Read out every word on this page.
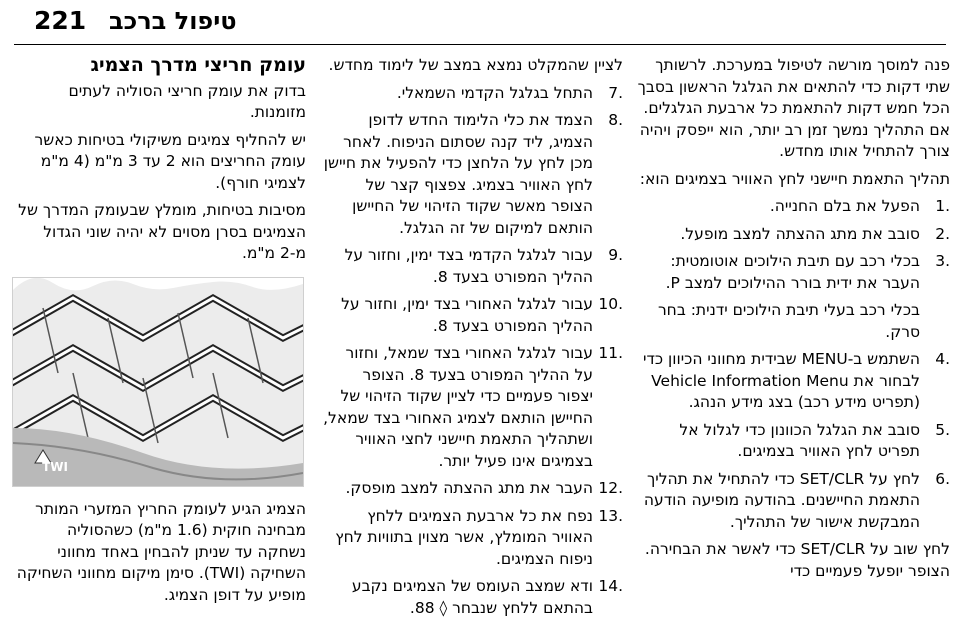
221 טיפול ברכב

פנה למוסך מורשה לטיפול במערכת. לרשותך שתי דקות כדי להתאים את הגלגל הראשון בסבך הכל חמש דקות להתאמת כל ארבעת הגלגלים. אם התהליך נמשך זמן רב יותר, הוא ייפסק ויהיה צורך להתחיל אותו מחדש.

תהליך התאמת חיישני לחץ האוויר בצמיגים הוא:

1.
הפעל את בלם החנייה.
2.
סובב את מתג ההצתה למצב מופעל.
3.
בכלי רכב עם תיבת הילוכים אוטומטית: העבר את ידית בורר ההילוכים למצב P.
בכלי רכב בעלי תיבת הילוכים ידנית: בחר סרק.
4.
השתמש ב-MENU שבידית מחווני הכיוון כדי לבחור את Vehicle Information Menu (תפריט מידע רכב) בצג מידע הנהג.
5.
סובב את הגלגל הכוונון כדי לגלול אל תפריט לחץ האוויר בצמיגים.
6.
לחץ על SET/CLR כדי להתחיל את תהליך התאמת החיישנים. בהודעה מופיעה הודעה המבקשת אישור של התהליך.

לחץ שוב על SET/CLR כדי לאשר את הבחירה. הצופר יופעל פעמיים כדי

לציין שהמקלט נמצא במצב של לימוד מחדש.

7.
התחל בגלגל הקדמי השמאלי.
8.
הצמד את כלי הלימוד החדש לדופן הצמיג, ליד קנה שסתום הניפוח. לאחר מכן לחץ על הלחצן כדי להפעיל את חיישן לחץ האוויר בצמיג. צפצוף קצר של הצופר מאשר שקוד הזיהוי של החיישן הותאם למיקום של זה הגלגל.
9.
עבור לגלגל הקדמי בצד ימין, וחזור על ההליך המפורט בצעד 8.
10.
עבור לגלגל האחורי בצד ימין, וחזור על ההליך המפורט בצעד 8.
11.
עבור לגלגל האחורי בצד שמאל, וחזור על ההליך המפורט בצעד 8. הצופר יצפור פעמיים כדי לציין שקוד הזיהוי של החיישן הותאם לצמיג האחורי בצד שמאל, ושתהליך התאמת חיישני לחצי האוויר בצמיגים אינו פעיל יותר.
12.
העבר את מתג ההצתה למצב מופסק.
13.
נפח את כל ארבעת הצמיגים ללחץ האוויר המומלץ, אשר מצוין בתוויות לחץ ניפוח הצמיגים.
14.
ודא שמצב העומס של הצמיגים נקבע בהתאם ללחץ שנבחר ◊ 88.
עומק חריצי מדרך הצמיג

בדוק את עומק חריצי הסוליה לעתים מזומנות.

יש להחליף צמיגים משיקולי בטיחות כאשר עומק החריצים הוא 2 עד 3 מ"מ (4 מ"מ לצמיגי חורף).

מסיבות בטיחות, מומלץ שבעומק המדרך של הצמיגים בסרן מסוים לא יהיה שוני הגדול מ-2 מ"מ.

$^{TWI}$

הצמיג הגיע לעומק החריץ המזערי המותר מבחינה חוקית (1.6 מ"מ) כשהסוליה נשחקה עד שניתן להבחין באחד מחווני השחיקה (TWI). סימן מיקום מחווני השחיקה מופיע על דופן הצמיג.
